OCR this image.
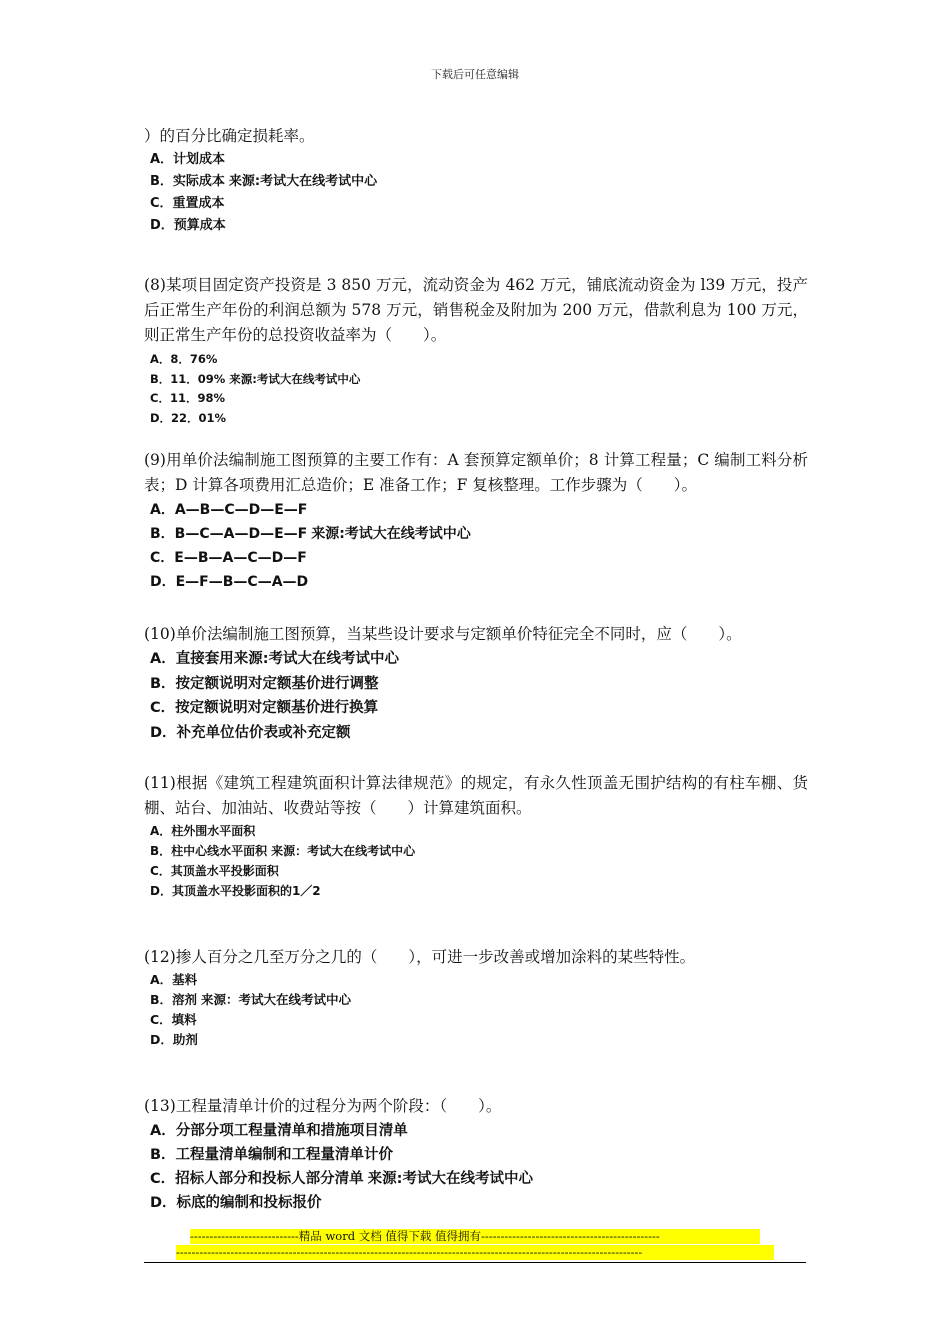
下载后可任意编辑

）的百分比确定损耗率。

A．计划成本

B．实际成本 来源:考试大在线考试中心

C．重置成本

D．预算成本

(8)某项目固定资产投资是 3 850 万元，流动资金为 462 万元，铺底流动资金为 l39 万元，投产后正常生产年份的利润总额为 578 万元，销售税金及附加为 200 万元，借款利息为 100 万元，则正常生产年份的总投资收益率为（　　）。

A．8．76%

B．11．09% 来源:考试大在线考试中心

C．11．98%

D．22．01%

(9)用单价法编制施工图预算的主要工作有：A 套预算定额单价；8 计算工程量；C 编制工料分析表；D 计算各项费用汇总造价；E 准备工作；F 复核整理。工作步骤为（　　）。

A．A—B—C—D—E—F

B．B—C—A—D—E—F 来源:考试大在线考试中心

C．E—B—A—C—D—F

D．E—F—B—C—A—D

(10)单价法编制施工图预算，当某些设计要求与定额单价特征完全不同时，应（　　）。

A．直接套用来源:考试大在线考试中心

B．按定额说明对定额基价进行调整

C．按定额说明对定额基价进行换算

D．补充单位估价表或补充定额

(11)根据《建筑工程建筑面积计算法律规范》的规定，有永久性顶盖无围护结构的有柱车棚、货棚、站台、加油站、收费站等按（　　）计算建筑面积。

A．柱外围水平面积

B．柱中心线水平面积 来源：考试大在线考试中心

C．其顶盖水平投影面积

D．其顶盖水平投影面积的1／2

(12)掺人百分之几至万分之几的（　　），可进一步改善或增加涂料的某些特性。

A．基料

B．溶剂 来源：考试大在线考试中心

C．填料

D．助剂

(13)工程量清单计价的过程分为两个阶段：（　　）。

A．分部分项工程量清单和措施项目清单

B．工程量清单编制和工程量清单计价

C．招标人部分和投标人部分清单 来源:考试大在线考试中心

D．标底的编制和投标报价

----------------------------精品 word 文档 值得下载 值得拥有----------------------------------------------
------------------------------------------------------------------------------------------------------------------------
